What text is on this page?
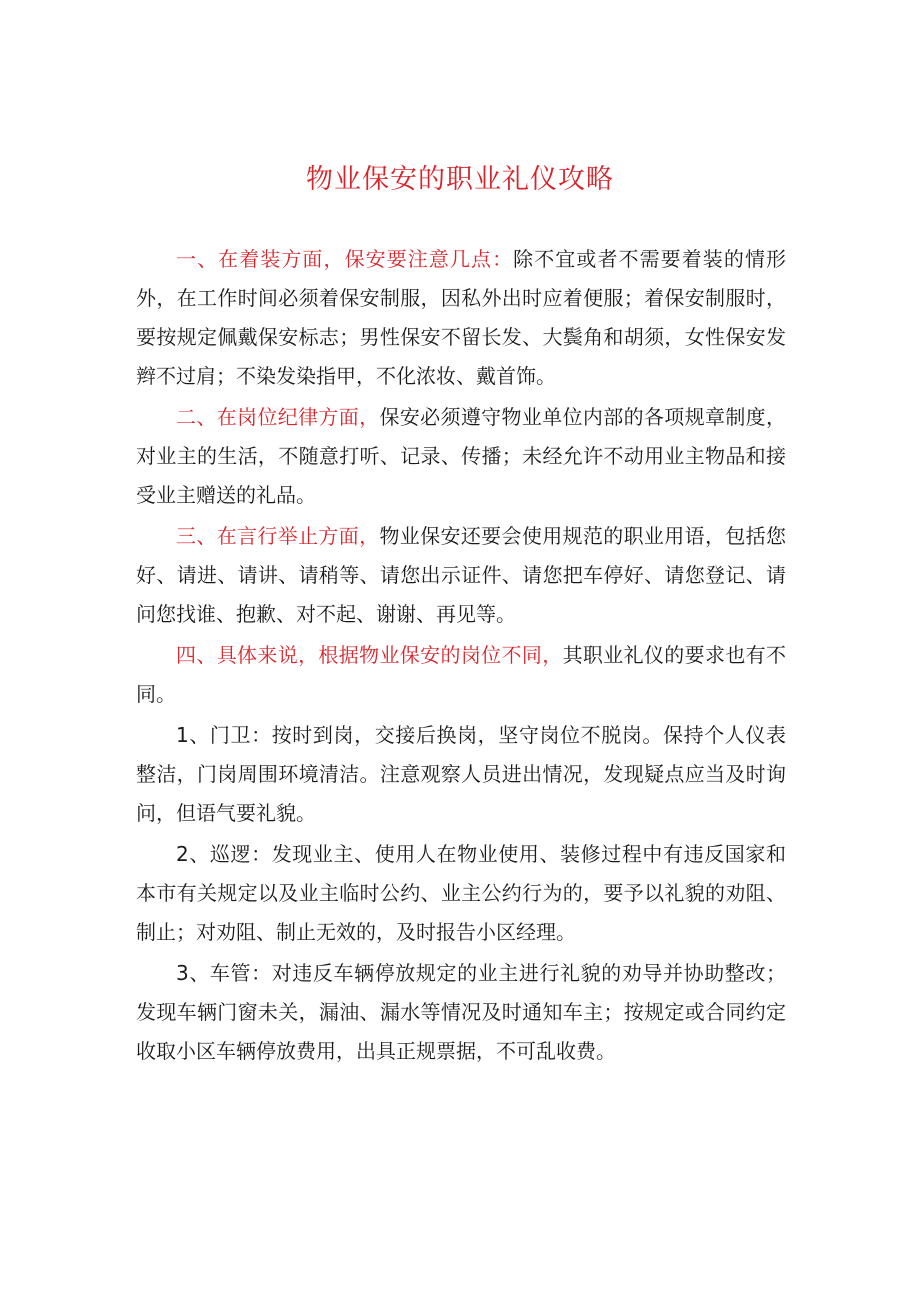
物业保安的职业礼仪攻略

一、在着装方面，保安要注意几点：除不宜或者不需要着装的情形外，在工作时间必须着保安制服，因私外出时应着便服；着保安制服时，要按规定佩戴保安标志；男性保安不留长发、大鬓角和胡须，女性保安发辫不过肩；不染发染指甲，不化浓妆、戴首饰。

二、在岗位纪律方面，保安必须遵守物业单位内部的各项规章制度，对业主的生活，不随意打听、记录、传播；未经允许不动用业主物品和接受业主赠送的礼品。

三、在言行举止方面，物业保安还要会使用规范的职业用语，包括您好、请进、请讲、请稍等、请您出示证件、请您把车停好、请您登记、请问您找谁、抱歉、对不起、谢谢、再见等。

四、具体来说，根据物业保安的岗位不同，其职业礼仪的要求也有不同。

1、门卫：按时到岗，交接后换岗，坚守岗位不脱岗。保持个人仪表整洁，门岗周围环境清洁。注意观察人员进出情况，发现疑点应当及时询问，但语气要礼貌。

2、巡逻：发现业主、使用人在物业使用、装修过程中有违反国家和本市有关规定以及业主临时公约、业主公约行为的，要予以礼貌的劝阻、制止；对劝阻、制止无效的，及时报告小区经理。

3、车管：对违反车辆停放规定的业主进行礼貌的劝导并协助整改；发现车辆门窗未关，漏油、漏水等情况及时通知车主；按规定或合同约定收取小区车辆停放费用，出具正规票据，不可乱收费。
